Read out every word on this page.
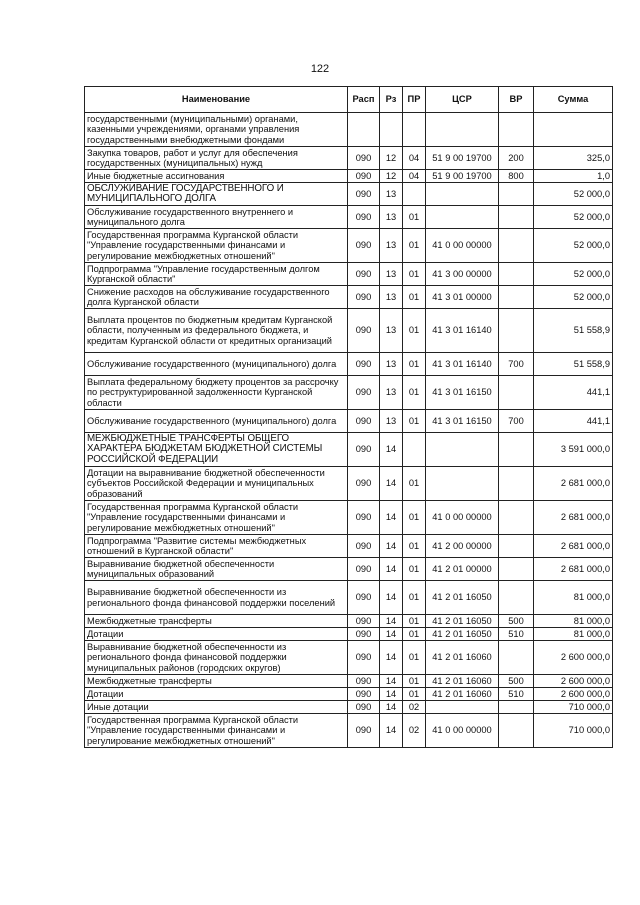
122
Наименование	Расп	Рз	ПР	ЦСР	ВР	Сумма
государственными (муниципальными) органами, казенными учреждениями, органами управления государственными внебюджетными фондами						
Закупка товаров, работ и услуг для обеспечения государственных (муниципальных) нужд	090	12	04	51 9 00 19700	200	325,0
Иные бюджетные ассигнования	090	12	04	51 9 00 19700	800	1,0
ОБСЛУЖИВАНИЕ ГОСУДАРСТВЕННОГО И МУНИЦИПАЛЬНОГО ДОЛГА	090	13				52 000,0
Обслуживание государственного внутреннего и муниципального долга	090	13	01			52 000,0
Государственная программа Курганской области "Управление государственными финансами и регулирование межбюджетных отношений"	090	13	01	41 0 00 00000		52 000,0
Подпрограмма "Управление государственным долгом Курганской области"	090	13	01	41 3 00 00000		52 000,0
Снижение расходов на обслуживание государственного долга Курганской области	090	13	01	41 3 01 00000		52 000,0
Выплата процентов по бюджетным кредитам Курганской области, полученным из федерального бюджета, и кредитам Курганской области от кредитных организаций	090	13	01	41 3 01 16140		51 558,9
Обслуживание государственного (муниципального) долга	090	13	01	41 3 01 16140	700	51 558,9
Выплата федеральному бюджету процентов за рассрочку по реструктурированной задолженности Курганской области	090	13	01	41 3 01 16150		441,1
Обслуживание государственного (муниципального) долга	090	13	01	41 3 01 16150	700	441,1
МЕЖБЮДЖЕТНЫЕ ТРАНСФЕРТЫ ОБЩЕГО ХАРАКТЕРА БЮДЖЕТАМ БЮДЖЕТНОЙ СИСТЕМЫ РОССИЙСКОЙ ФЕДЕРАЦИИ	090	14				3 591 000,0
Дотации на выравнивание бюджетной обеспеченности субъектов Российской Федерации и муниципальных образований	090	14	01			2 681 000,0
Государственная программа Курганской области "Управление государственными финансами и регулирование межбюджетных отношений"	090	14	01	41 0 00 00000		2 681 000,0
Подпрограмма "Развитие системы межбюджетных отношений в Курганской области"	090	14	01	41 2 00 00000		2 681 000,0
Выравнивание бюджетной обеспеченности муниципальных образований	090	14	01	41 2 01 00000		2 681 000,0
Выравнивание бюджетной обеспеченности из регионального фонда финансовой поддержки поселений	090	14	01	41 2 01 16050		81 000,0
Межбюджетные трансферты	090	14	01	41 2 01 16050	500	81 000,0
Дотации	090	14	01	41 2 01 16050	510	81 000,0
Выравнивание бюджетной обеспеченности из регионального фонда финансовой поддержки муниципальных районов (городских округов)	090	14	01	41 2 01 16060		2 600 000,0
Межбюджетные трансферты	090	14	01	41 2 01 16060	500	2 600 000,0
Дотации	090	14	01	41 2 01 16060	510	2 600 000,0
Иные дотации	090	14	02			710 000,0
Государственная программа Курганской области "Управление государственными финансами и регулирование межбюджетных отношений"	090	14	02	41 0 00 00000		710 000,0
